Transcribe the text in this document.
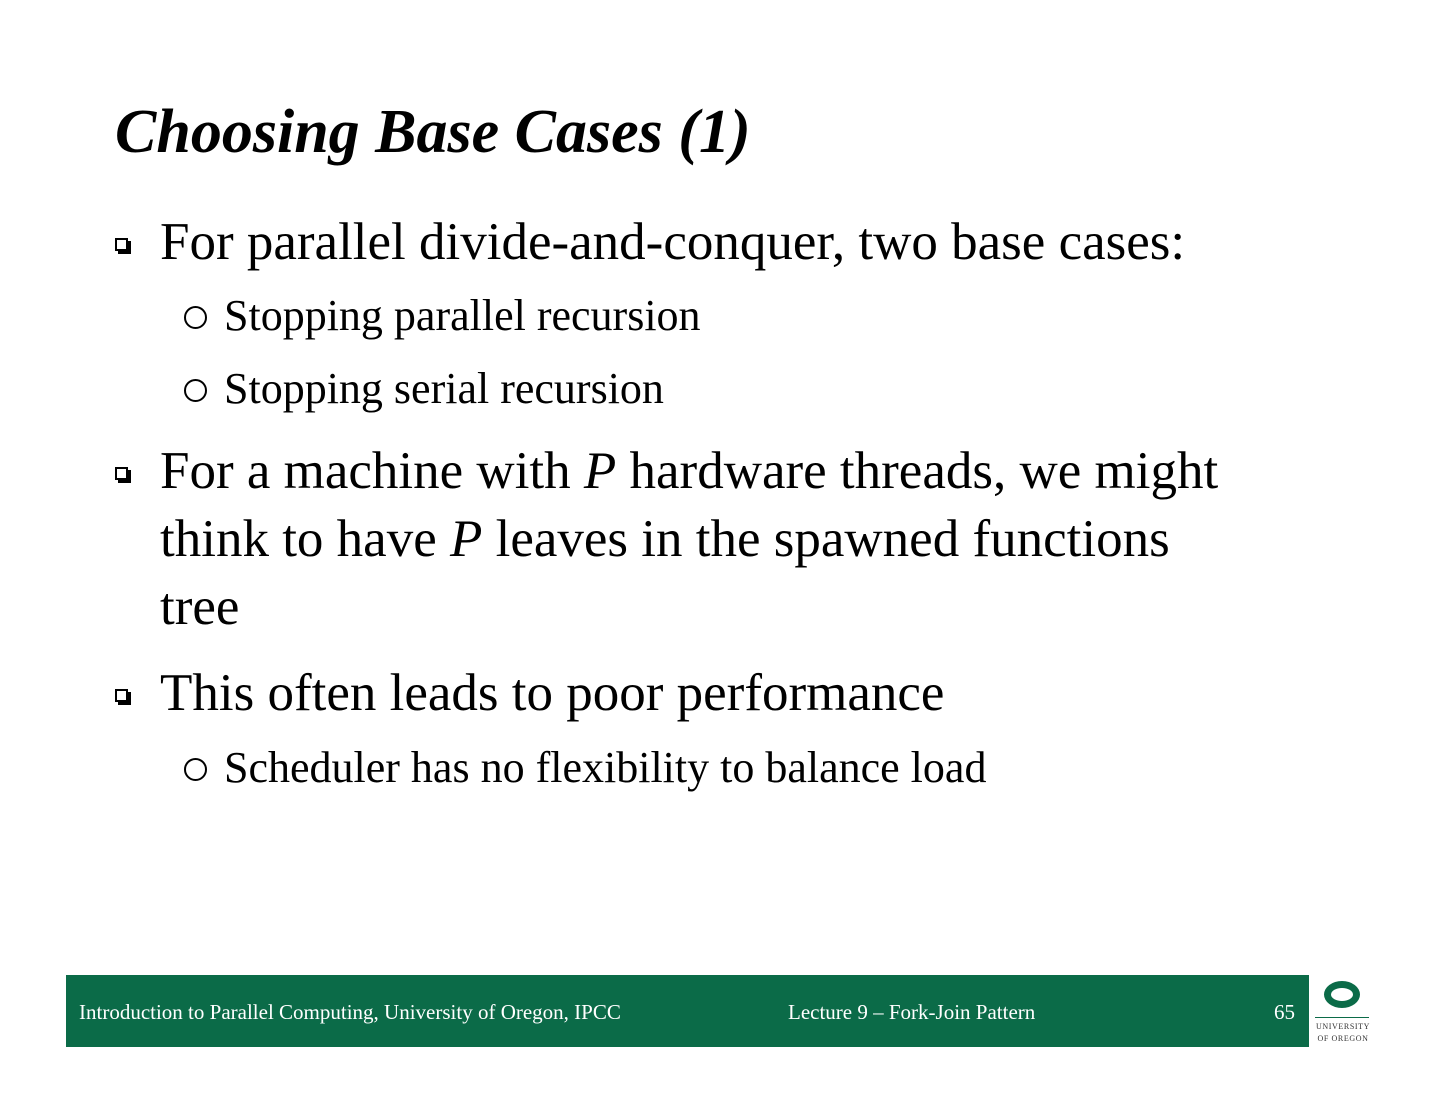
Choosing Base Cases (1)
For parallel divide-and-conquer, two base cases:
Stopping parallel recursion
Stopping serial recursion
For a machine with P hardware threads, we might
think to have P leaves in the spawned functions
tree
This often leads to poor performance
Scheduler has no flexibility to balance load
Introduction to Parallel Computing, University of Oregon, IPCC	Lecture 9 – Fork-Join Pattern	65
UNIVERSITY
OF OREGON
